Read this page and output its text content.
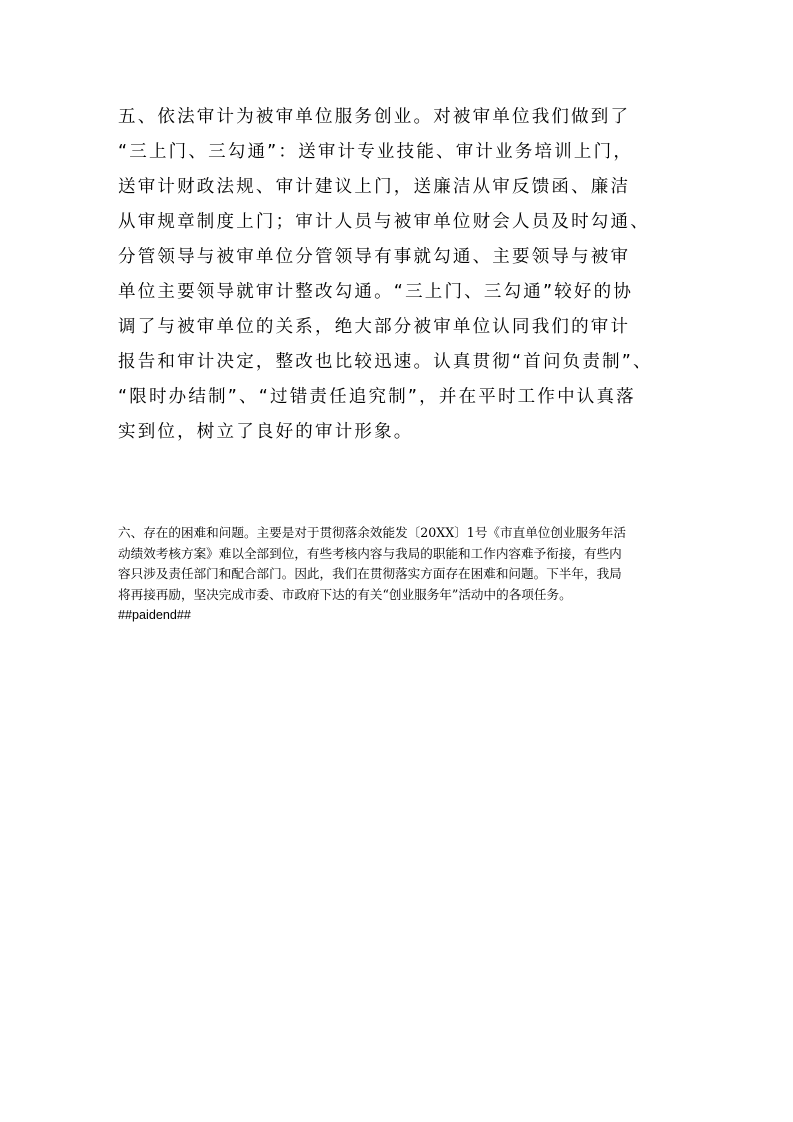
五、依法审计为被审单位服务创业。对被审单位我们做到了
“三上门、三勾通”：送审计专业技能、审计业务培训上门，
送审计财政法规、审计建议上门，送廉洁从审反馈函、廉洁
从审规章制度上门；审计人员与被审单位财会人员及时勾通、
分管领导与被审单位分管领导有事就勾通、主要领导与被审
单位主要领导就审计整改勾通。“三上门、三勾通”较好的协
调了与被审单位的关系，绝大部分被审单位认同我们的审计
报告和审计决定，整改也比较迅速。认真贯彻“首问负责制”、
“限时办结制”、“过错责任追究制”，并在平时工作中认真落
实到位，树立了良好的审计形象。
六、存在的困难和问题。主要是对于贯彻落余效能发〔20XX〕1号《市直单位创业服务年活
动绩效考核方案》难以全部到位，有些考核内容与我局的职能和工作内容难予衔接，有些内
容只涉及责任部门和配合部门。因此，我们在贯彻落实方面存在困难和问题。下半年，我局
将再接再励，坚决完成市委、市政府下达的有关“创业服务年”活动中的各项任务。
##paidend##
